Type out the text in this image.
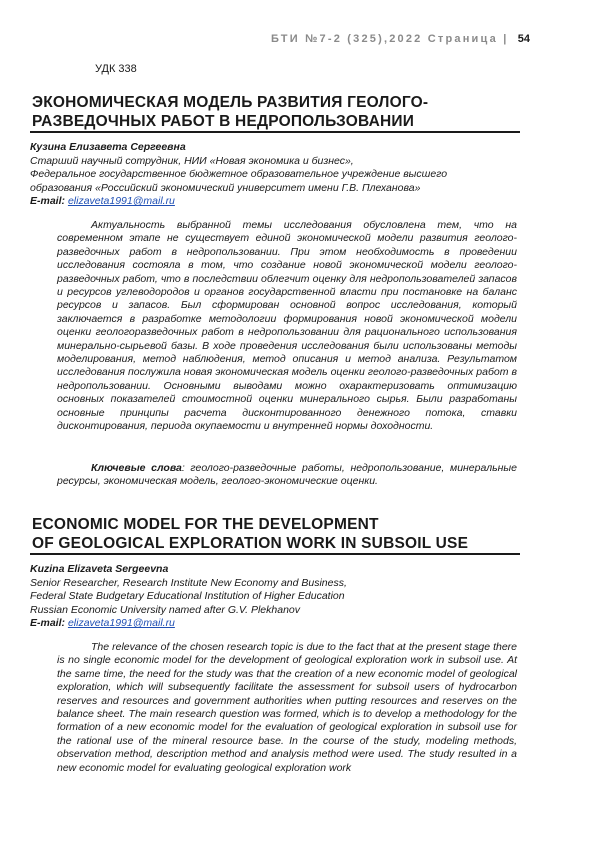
БТИ №7-2 (325),2022 Страница | 54
УДК 338
ЭКОНОМИЧЕСКАЯ МОДЕЛЬ РАЗВИТИЯ ГЕОЛОГО-РАЗВЕДОЧНЫХ РАБОТ В НЕДРОПОЛЬЗОВАНИИ
Кузина Елизавета Сергеевна
Старший научный сотрудник, НИИ «Новая экономика и бизнес»,
Федеральное государственное бюджетное образовательное учреждение высшего
образования «Российский экономический университет имени Г.В. Плеханова»
E-mail: elizaveta1991@mail.ru

Актуальность выбранной темы исследования обусловлена тем, что на современном этапе не существует единой экономической модели развития геолого-разведочных работ в недропользовании. При этом необходимость в проведении исследования состояла в том, что создание новой экономической модели геолого-разведочных работ, что в последствии облегчит оценку для недропользователей запасов и ресурсов углеводородов и органов государственной власти при постановке на баланс ресурсов и запасов. Был сформирован основной вопрос исследования, который заключается в разработке методологии формирования новой экономической модели оценки геологоразведочных работ в недропользовании для рационального использования минерально-сырьевой базы. В ходе проведения исследования были использованы методы моделирования, метод наблюдения, метод описания и метод анализа. Результатом исследования послужила новая экономическая модель оценки геолого-разведочных работ в недропользовании. Основными выводами можно охарактеризовать оптимизацию основных показателей стоимостной оценки минерального сырья. Были разработаны основные принципы расчета дисконтированного денежного потока, ставки дисконтирования, периода окупаемости и внутренней нормы доходности.

Ключевые слова: геолого-разведочные работы, недропользование, минеральные ресурсы, экономическая модель, геолого-экономические оценки.

ECONOMIC MODEL FOR THE DEVELOPMENT
OF GEOLOGICAL EXPLORATION WORK IN SUBSOIL USE
Kuzina Elizaveta Sergeevna
Senior Researcher, Research Institute New Economy and Business,
Federal State Budgetary Educational Institution of Higher Education
Russian Economic University named after G.V. Plekhanov
E-mail: elizaveta1991@mail.ru

The relevance of the chosen research topic is due to the fact that at the present stage there is no single economic model for the development of geological exploration work in subsoil use. At the same time, the need for the study was that the creation of a new economic model of geological exploration, which will subsequently facilitate the assessment for subsoil users of hydrocarbon reserves and resources and government authorities when putting resources and reserves on the balance sheet. The main research question was formed, which is to develop a methodology for the formation of a new economic model for the evaluation of geological exploration in subsoil use for the rational use of the mineral resource base. In the course of the study, modeling methods, observation method, description method and analysis method were used. The study resulted in a new economic model for evaluating geological exploration work
